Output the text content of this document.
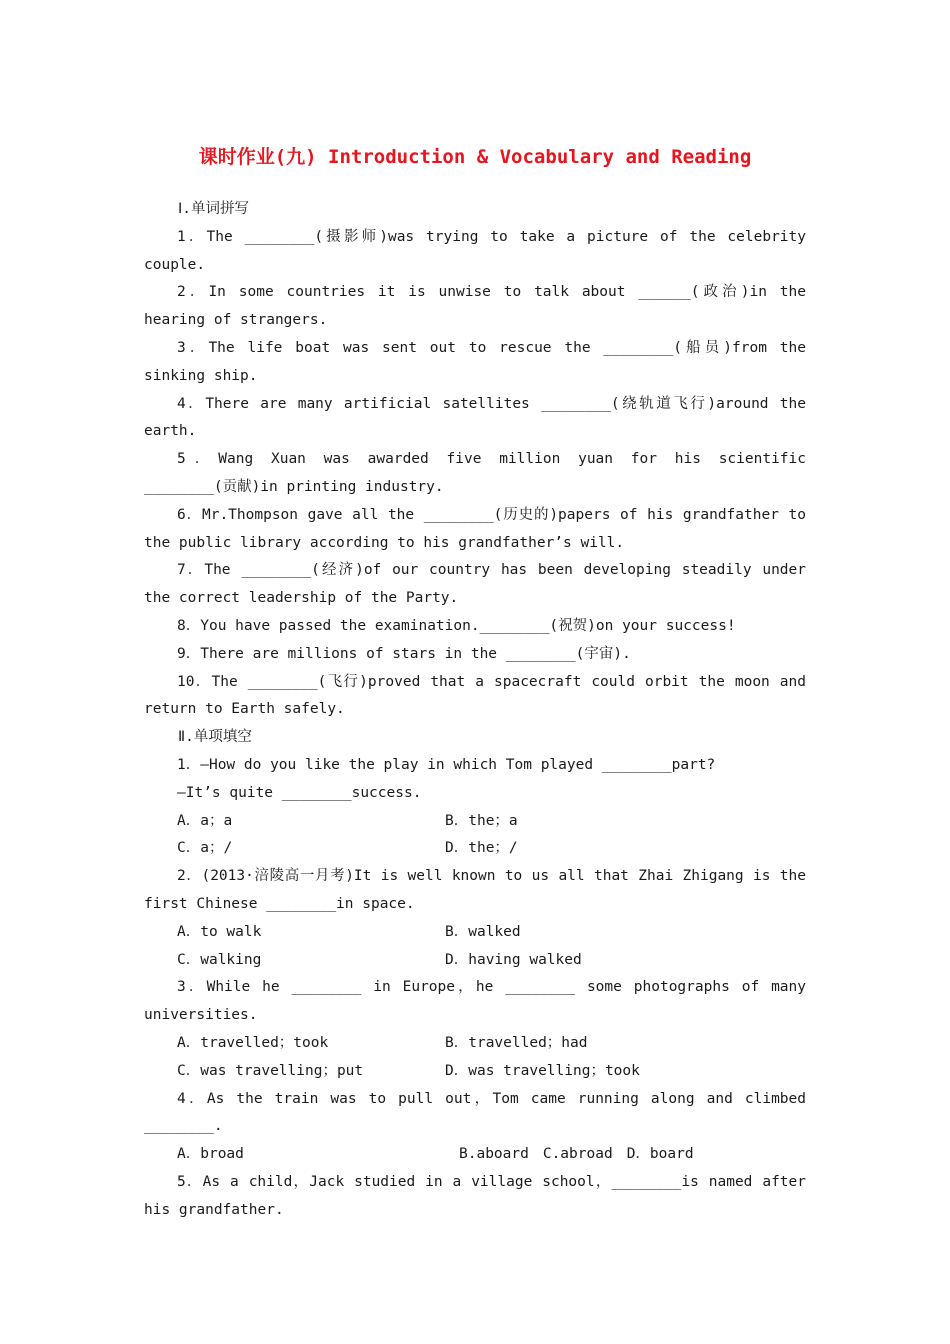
课时作业(九) Introduction & Vocabulary and Reading
Ⅰ.单词拼写

1．The ________(摄影师)was trying to take a picture of the celebrity couple.

2．In some countries it is unwise to talk about ______(政治)in the hearing of strangers.

3．The life boat was sent out to rescue the ________(船员)from the sinking ship.

4．There are many artificial satellites ________(绕轨道飞行)around the earth.

5．Wang Xuan was awarded five million yuan for his scientific ________(贡献)in printing industry.

6．Mr.Thompson gave all the ________(历史的)papers of his grandfather to the public library according to his grandfather’s will.

7．The ________(经济)of our country has been developing steadily under the correct leadership of the Party.

8．You have passed the examination.________(祝贺)on your success!

9．There are millions of stars in the ________(宇宙).

10．The ________(飞行)proved that a spacecraft could orbit the moon and return to Earth safely.

Ⅱ.单项填空

1．—How do you like the play in which Tom played ________part?

—It’s quite ________success.

A．a；a	B．the；a
C．a；/	D．the；/

2．(2013·涪陵高一月考)It is well known to us all that Zhai Zhigang is the first Chinese ________in space.

A．to walk	B．walked
C．walking	D．having walked

3．While he ________ in Europe，he ________ some photographs of many universities.

A．travelled；took	B．travelled；had
C．was travelling；put	D．was travelling；took

4．As the train was to pull out，Tom came running along and climbed ________.

A．broad	B.aboard C.abroad D．board

5．As a child，Jack studied in a village school，________is named after his grandfather.
